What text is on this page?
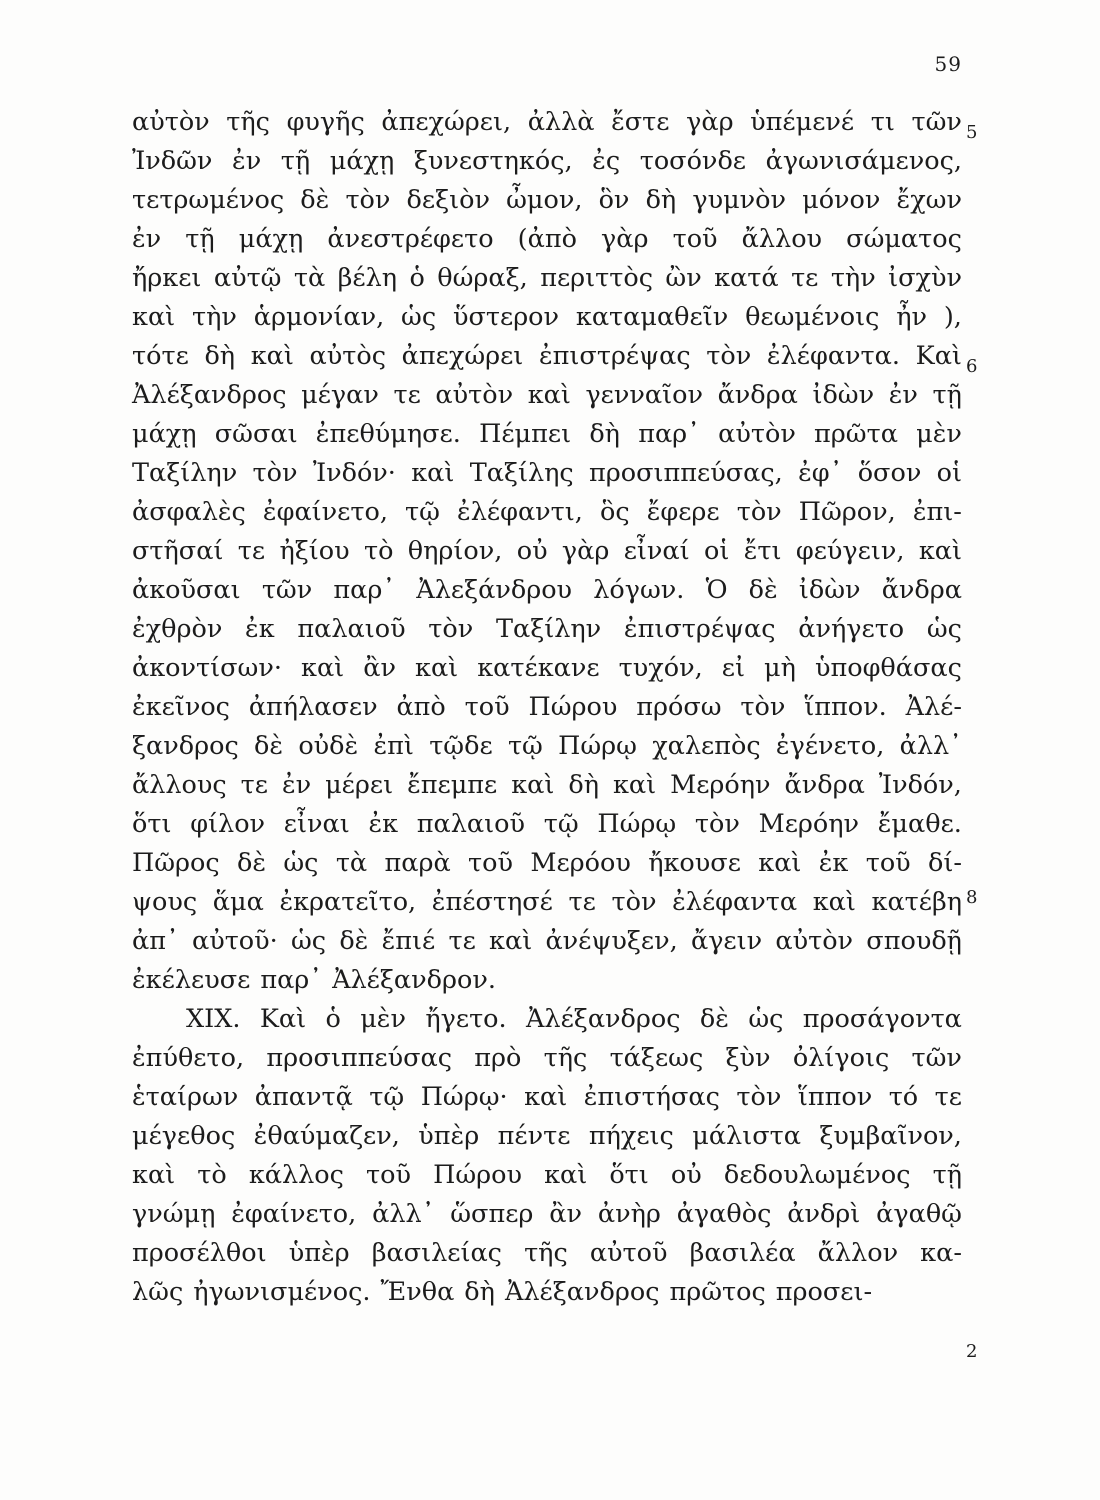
59
αὐτὸν τῆς φυγῆς ἀπεχώρει, ἀλλὰ ἔστε γὰρ ὑπέμενέ τι τῶν
Ἰνδῶν ἐν τῇ μάχῃ ξυνεστηκός, ἐς τοσόνδε ἀγωνισάμενος,
τετρωμένος δὲ τὸν δεξιὸν ὦμον, ὃν δὴ γυμνὸν μόνον ἔχων
ἐν τῇ μάχῃ ἀνεστρέφετο (ἀπὸ γὰρ τοῦ ἄλλου σώματος
ἤρκει αὐτῷ τὰ βέλη ὁ θώραξ, περιττὸς ὢν κατά τε τὴν ἰσχὺν
καὶ τὴν ἁρμονίαν, ὡς ὕστερον καταμαθεῖν θεωμένοις ἦν ),
τότε δὴ καὶ αὐτὸς ἀπεχώρει ἐπιστρέψας τὸν ἐλέφαντα. Καὶ
Ἀλέξανδρος μέγαν τε αὐτὸν καὶ γενναῖον ἄνδρα ἰδὼν ἐν τῇ
μάχῃ σῶσαι ἐπεθύμησε. Πέμπει δὴ παρ᾽ αὐτὸν πρῶτα μὲν
Ταξίλην τὸν Ἰνδόν· καὶ Ταξίλης προσιππεύσας, ἐφ᾽ ὅσον οἱ
ἀσφαλὲς ἐφαίνετο, τῷ ἐλέφαντι, ὃς ἔφερε τὸν Πῶρον, ἐπι-
στῆσαί τε ἠξίου τὸ θηρίον, οὐ γὰρ εἶναί οἱ ἔτι φεύγειν, καὶ
ἀκοῦσαι τῶν παρ᾽ Ἀλεξάνδρου λόγων. Ὁ δὲ ἰδὼν ἄνδρα
ἐχθρὸν ἐκ παλαιοῦ τὸν Ταξίλην ἐπιστρέψας ἀνήγετο ὡς
ἀκοντίσων· καὶ ἂν καὶ κατέκανε τυχόν, εἰ μὴ ὑποφθάσας
ἐκεῖνος ἀπήλασεν ἀπὸ τοῦ Πώρου πρόσω τὸν ἵππον. Ἀλέ-
ξανδρος δὲ οὐδὲ ἐπὶ τῷδε τῷ Πώρῳ χαλεπὸς ἐγένετο, ἀλλ᾽
ἄλλους τε ἐν μέρει ἔπεμπε καὶ δὴ καὶ Μερόην ἄνδρα Ἰνδόν,
ὅτι φίλον εἶναι ἐκ παλαιοῦ τῷ Πώρῳ τὸν Μερόην ἔμαθε.
Πῶρος δὲ ὡς τὰ παρὰ τοῦ Μερόου ἤκουσε καὶ ἐκ τοῦ δί-
ψους ἅμα ἐκρατεῖτο, ἐπέστησέ τε τὸν ἐλέφαντα καὶ κατέβη
ἀπ᾽ αὐτοῦ· ὡς δὲ ἔπιέ τε καὶ ἀνέψυξεν, ἄγειν αὐτὸν σπουδῇ
ἐκέλευσε παρ᾽ Ἀλέξανδρον.
XIX. Καὶ ὁ μὲν ἤγετο. Ἀλέξανδρος δὲ ὡς προσάγοντα
ἐπύθετο, προσιππεύσας πρὸ τῆς τάξεως ξὺν ὀλίγοις τῶν
ἑταίρων ἀπαντᾷ τῷ Πώρῳ· καὶ ἐπιστήσας τὸν ἵππον τό τε
μέγεθος ἐθαύμαζεν, ὑπὲρ πέντε πήχεις μάλιστα ξυμβαῖνον,
καὶ τὸ κάλλος τοῦ Πώρου καὶ ὅτι οὐ δεδουλωμένος τῇ
γνώμῃ ἐφαίνετο, ἀλλ᾽ ὥσπερ ἂν ἀνὴρ ἀγαθὸς ἀνδρὶ ἀγαθῷ
προσέλθοι ὑπὲρ βασιλείας τῆς αὐτοῦ βασιλέα ἄλλον κα-
λῶς ἠγωνισμένος. Ἔνθα δὴ Ἀλέξανδρος πρῶτος προσει-
5
6
8
2
